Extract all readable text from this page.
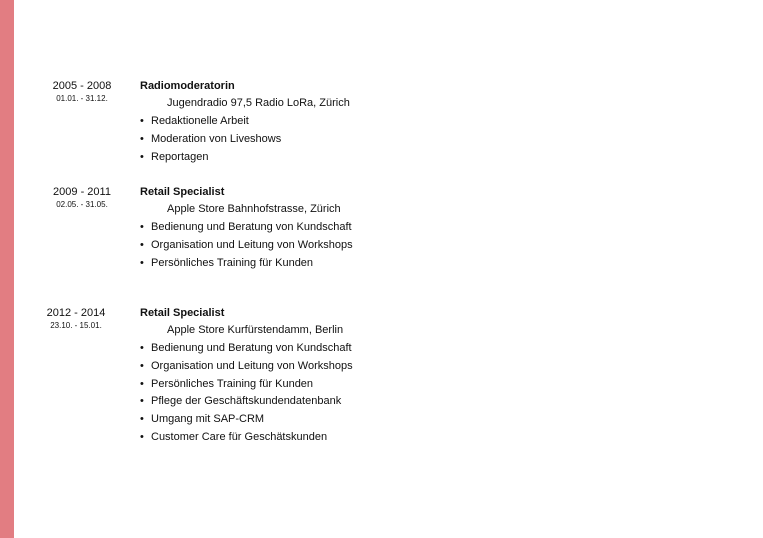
2005 - 2008
01.01. - 31.12.
Radiomoderatorin
Jugendradio 97,5 Radio LoRa, Zürich
• Redaktionelle Arbeit
• Moderation von Liveshows
• Reportagen
2009 - 2011
02.05. - 31.05.
Retail Specialist
Apple Store Bahnhofstrasse, Zürich
• Bedienung und Beratung von Kundschaft
• Organisation und Leitung von Workshops
• Persönliches Training für Kunden
2012 - 2014
23.10. - 15.01.
Retail Specialist
Apple Store Kurfürstendamm, Berlin
• Bedienung und Beratung von Kundschaft
• Organisation und Leitung von Workshops
• Persönliches Training für Kunden
• Pflege der Geschäftskundendatenbank
• Umgang mit SAP-CRM
• Customer Care für Geschätskunden
